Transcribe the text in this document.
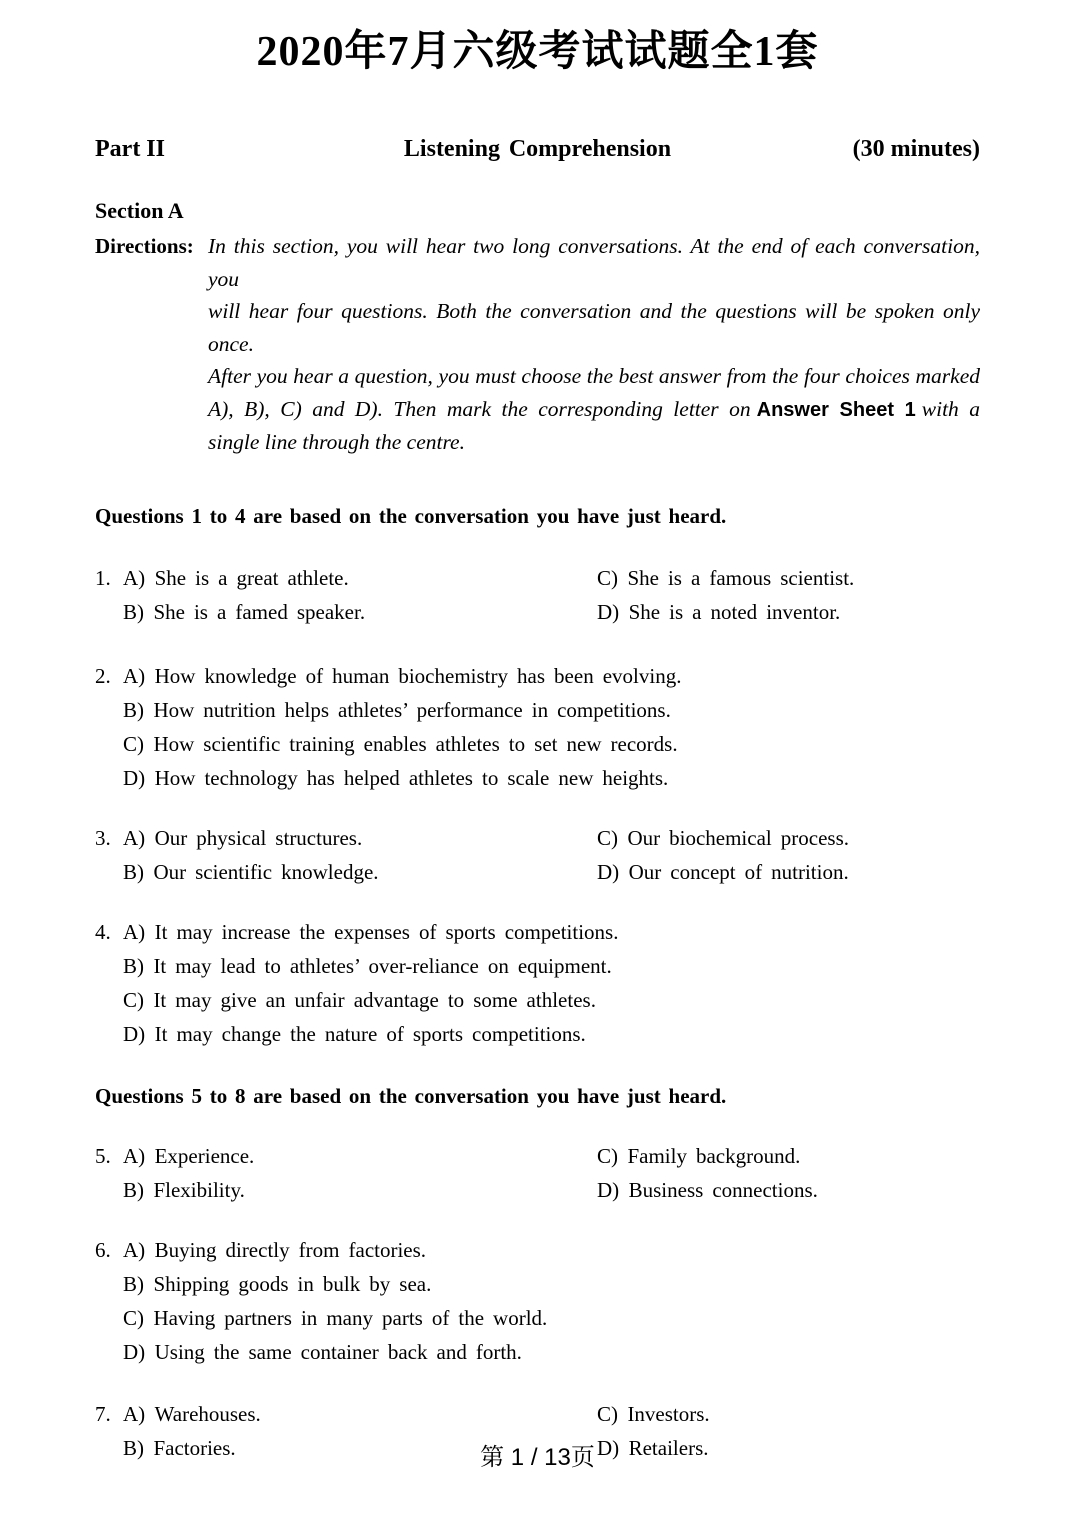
2020年7月六级考试试题全1套
Part II	Listening Comprehension	(30 minutes)
Section A
Directions: In this section, you will hear two long conversations. At the end of each conversation, you
will hear four questions. Both the conversation and the questions will be spoken only once.
After you hear a question, you must choose the best answer from the four choices marked
A), B), C) and D). Then mark the corresponding letter on Answer Sheet 1 with a
single line through the centre.
Questions 1 to 4 are based on the conversation you have just heard.
1. A) She is a great athlete.	C) She is a famous scientist.
B) She is a famed speaker.	D) She is a noted inventor.
2. A) How knowledge of human biochemistry has been evolving.
B) How nutrition helps athletes’ performance in competitions.
C) How scientific training enables athletes to set new records.
D) How technology has helped athletes to scale new heights.
3. A) Our physical structures.	C) Our biochemical process.
B) Our scientific knowledge.	D) Our concept of nutrition.
4. A) It may increase the expenses of sports competitions.
B) It may lead to athletes’ over-reliance on equipment.
C) It may give an unfair advantage to some athletes.
D) It may change the nature of sports competitions.
Questions 5 to 8 are based on the conversation you have just heard.
5. A) Experience.	C) Family background.
B) Flexibility.	D) Business connections.
6. A) Buying directly from factories.
B) Shipping goods in bulk by sea.
C) Having partners in many parts of the world.
D) Using the same container back and forth.
7. A) Warehouses.	C) Investors.
B) Factories.	D) Retailers.
第 1 / 13页
